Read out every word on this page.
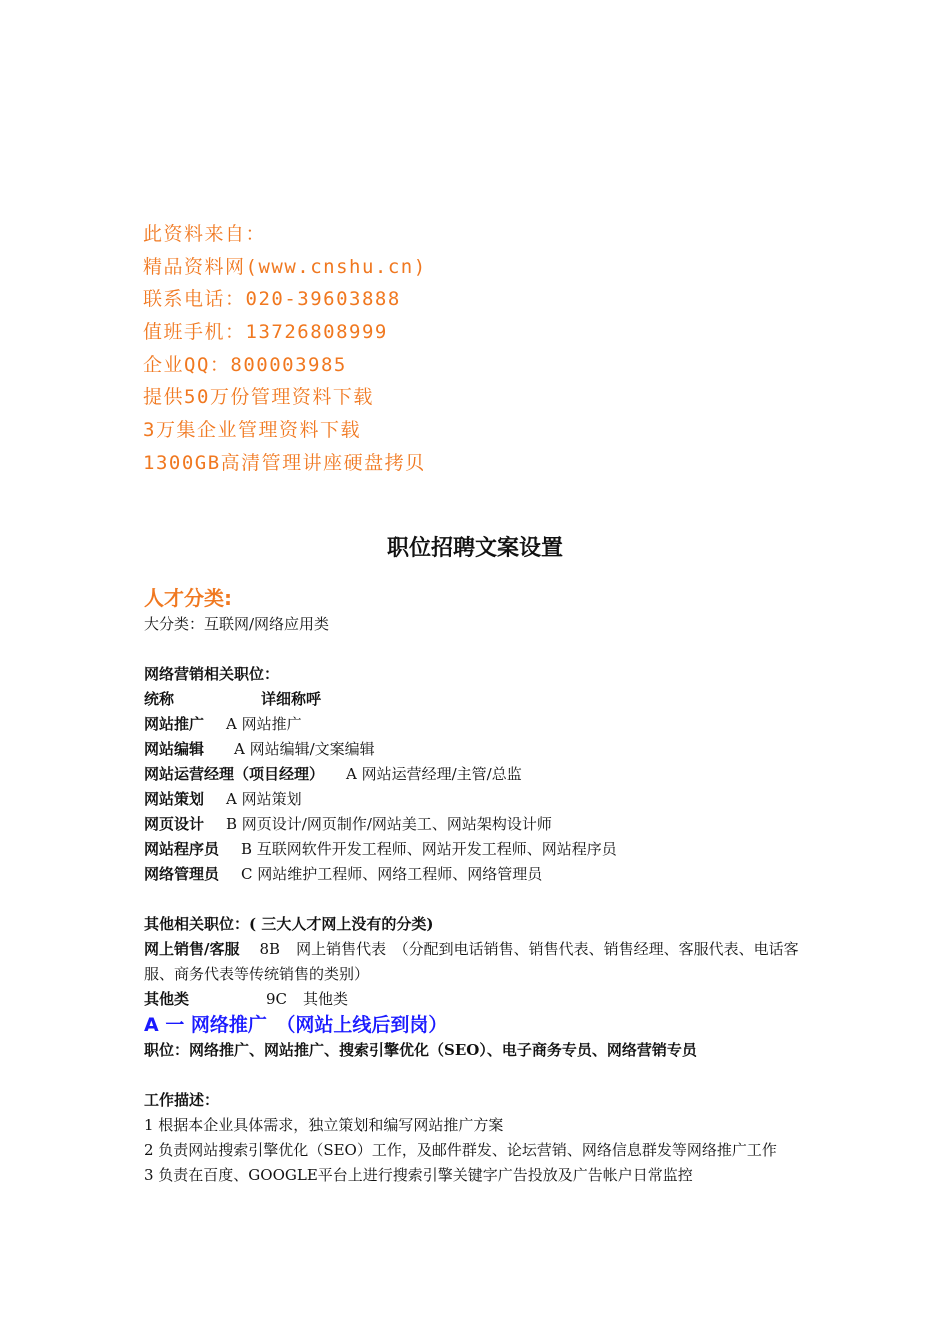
此资料来自：
精品资料网(www.cnshu.cn)
联系电话：020-39603888
值班手机：13726808999
企业QQ：800003985
提供50万份管理资料下载
3万集企业管理资料下载
1300GB高清管理讲座硬盘拷贝
职位招聘文案设置
人才分类:
大分类：互联网/网络应用类
网络营销相关职位：
统称	详细称呼
网站推广 A 网站推广
网站编辑 A 网站编辑/文案编辑
网站运营经理（项目经理） A 网站运营经理/主管/总监
网站策划 A 网站策划
网页设计 B 网页设计/网页制作/网站美工、网站架构设计师
网站程序员 B 互联网软件开发工程师、网站开发工程师、网站程序员
网络管理员 C 网站维护工程师、网络工程师、网络管理员
其他相关职位：( 三大人才网上没有的分类)
网上销售/客服 8B 网上销售代表　（分配到电话销售、销售代表、销售经理、客服代表、电话客服、商务代表等传统销售的类别）
其他类	9C 其他类
A 一 网络推广　（网站上线后到岗）
职位：网络推广、网站推广、搜索引擎优化（SEO）、电子商务专员、网络营销专员
工作描述：
1 根据本企业具体需求，独立策划和编写网站推广方案
2 负责网站搜索引擎优化（SEO）工作，及邮件群发、论坛营销、网络信息群发等网络推广工作
3 负责在百度、GOOGLE平台上进行搜索引擎关键字广告投放及广告帐户日常监控
